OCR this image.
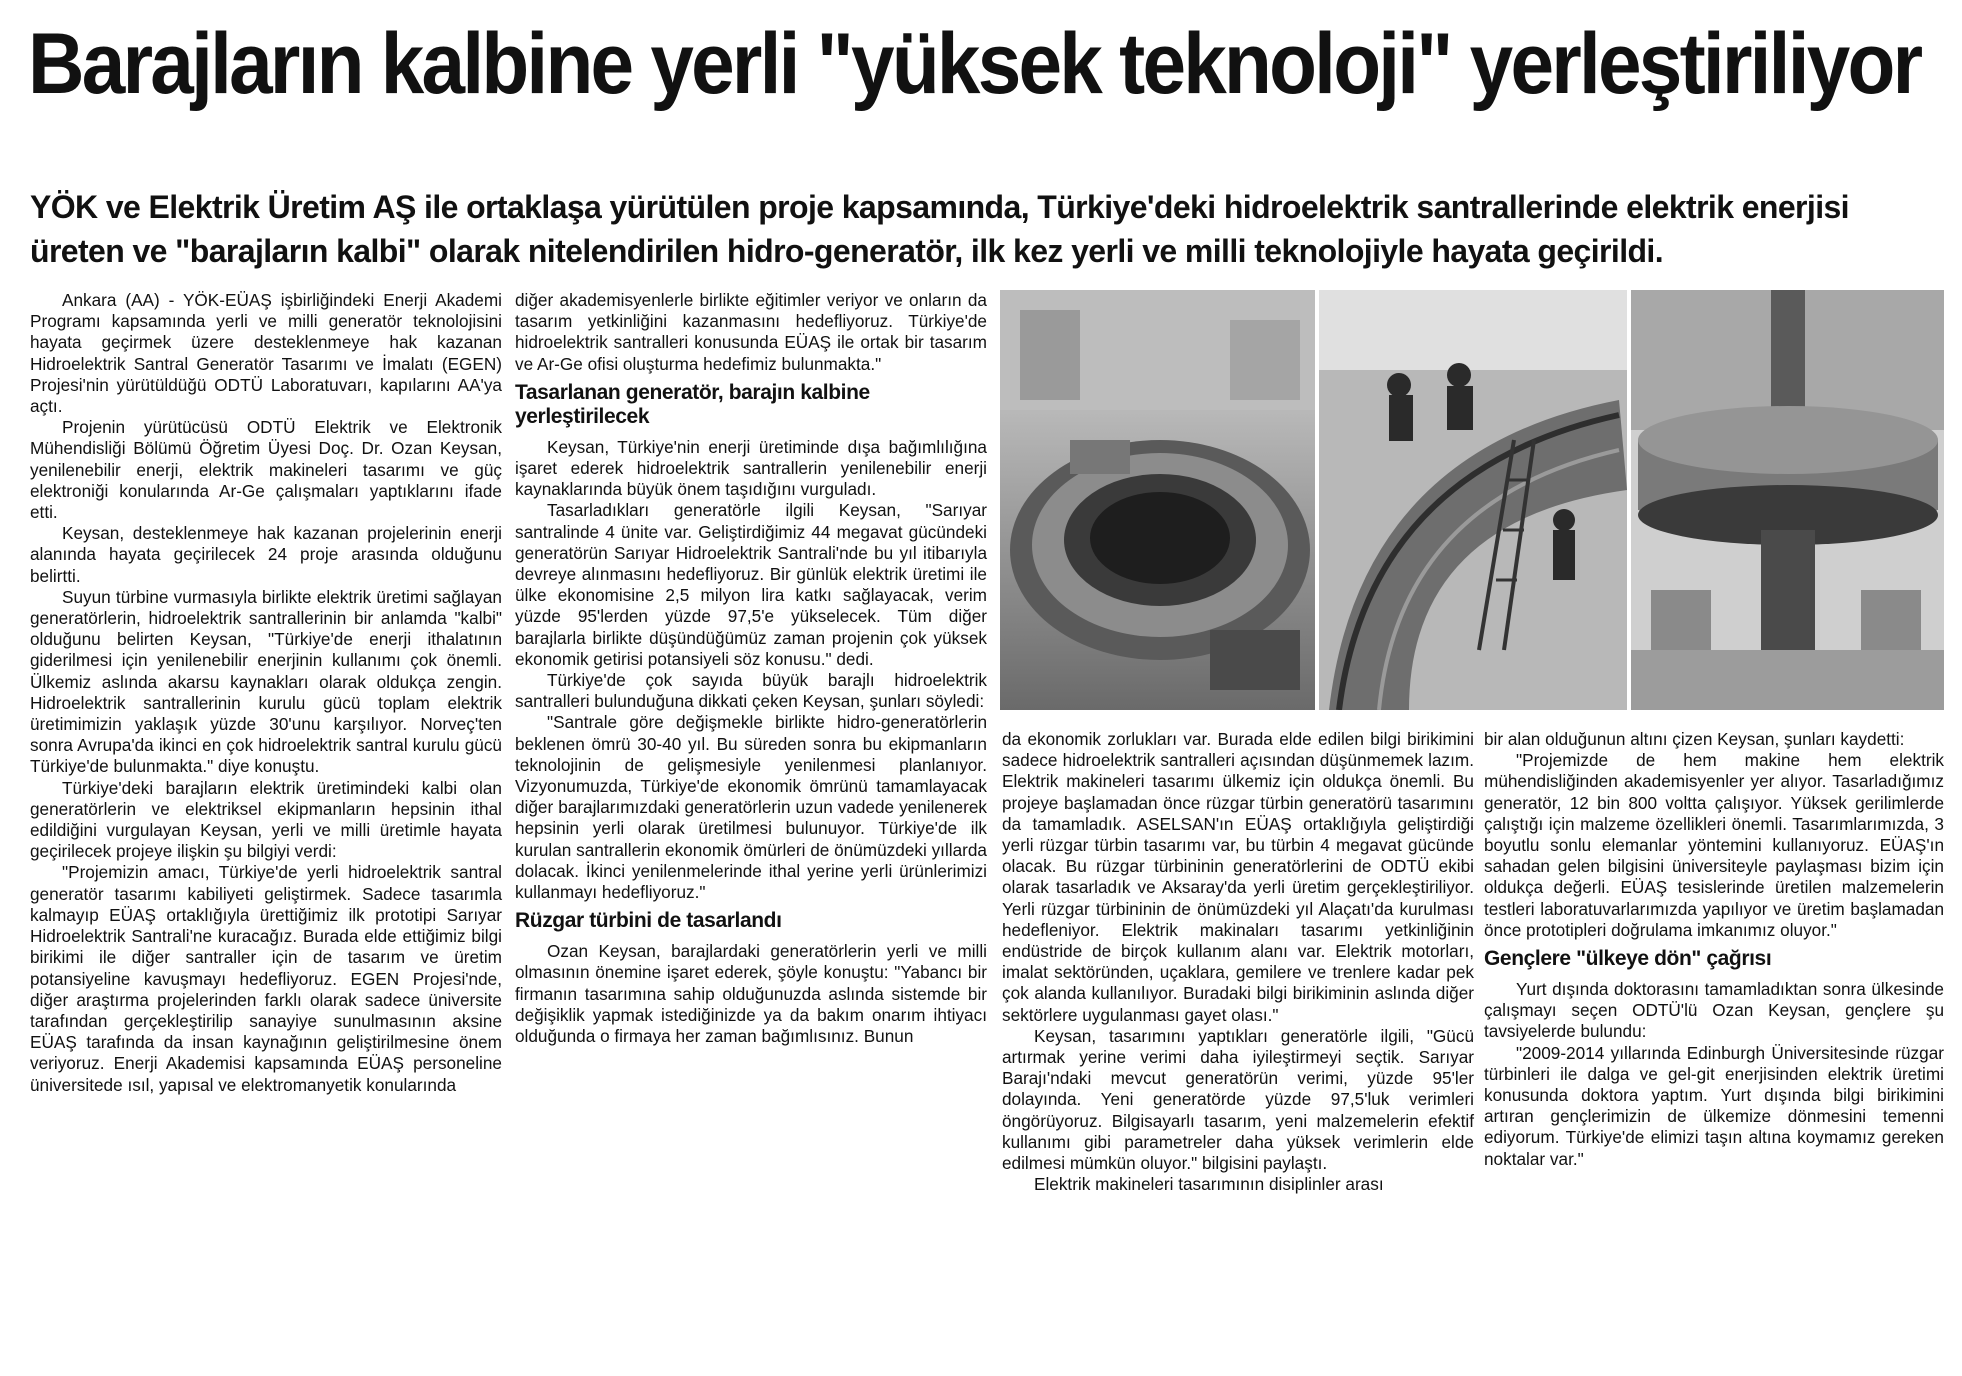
Barajların kalbine yerli "yüksek teknoloji" yerleştiriliyor
YÖK ve Elektrik Üretim AŞ ile ortaklaşa yürütülen proje kapsamında, Türkiye'deki hidroelektrik santrallerinde elektrik enerjisi üreten ve "barajların kalbi" olarak nitelendirilen hidro-generatör, ilk kez yerli ve milli teknolojiyle hayata geçirildi.

Ankara (AA) - YÖK-EÜAŞ işbirliğindeki Enerji Akademi Programı kapsamında yerli ve milli generatör teknolojisini hayata geçirmek üzere desteklenmeye hak kazanan Hidroelektrik Santral Generatör Tasarımı ve İmalatı (EGEN) Projesi'nin yürütüldüğü ODTÜ Laboratuvarı, kapılarını AA'ya açtı.

Projenin yürütücüsü ODTÜ Elektrik ve Elektronik Mühendisliği Bölümü Öğretim Üyesi Doç. Dr. Ozan Keysan, yenilenebilir enerji, elektrik makineleri tasarımı ve güç elektroniği konularında Ar-Ge çalışmaları yaptıklarını ifade etti.

Keysan, desteklenmeye hak kazanan projelerinin enerji alanında hayata geçirilecek 24 proje arasında olduğunu belirtti.

Suyun türbine vurmasıyla birlikte elektrik üretimi sağlayan generatörlerin, hidroelektrik santrallerinin bir anlamda "kalbi" olduğunu belirten Keysan, "Türkiye'de enerji ithalatının giderilmesi için yenilenebilir enerjinin kullanımı çok önemli. Ülkemiz aslında akarsu kaynakları olarak oldukça zengin. Hidroelektrik santrallerinin kurulu gücü toplam elektrik üretimimizin yaklaşık yüzde 30'unu karşılıyor. Norveç'ten sonra Avrupa'da ikinci en çok hidroelektrik santral kurulu gücü Türkiye'de bulunmakta." diye konuştu.

Türkiye'deki barajların elektrik üretimindeki kalbi olan generatörlerin ve elektriksel ekipmanların hepsinin ithal edildiğini vurgulayan Keysan, yerli ve milli üretimle hayata geçirilecek projeye ilişkin şu bilgiyi verdi:

"Projemizin amacı, Türkiye'de yerli hidroelektrik santral generatör tasarımı kabiliyeti geliştirmek. Sadece tasarımla kalmayıp EÜAŞ ortaklığıyla ürettiğimiz ilk prototipi Sarıyar Hidroelektrik Santrali'ne kuracağız. Burada elde ettiğimiz bilgi birikimi ile diğer santraller için de tasarım ve üretim potansiyeline kavuşmayı hedefliyoruz. EGEN Projesi'nde, diğer araştırma projelerinden farklı olarak sadece üniversite tarafından gerçekleştirilip sanayiye sunulmasının aksine EÜAŞ tarafında da insan kaynağının geliştirilmesine önem veriyoruz. Enerji Akademisi kapsamında EÜAŞ personeline üniversitede ısıl, yapısal ve elektromanyetik konularında

diğer akademisyenlerle birlikte eğitimler veriyor ve onların da tasarım yetkinliğini kazanmasını hedefliyoruz. Türkiye'de hidroelektrik santralleri konusunda EÜAŞ ile ortak bir tasarım ve Ar-Ge ofisi oluşturma hedefimiz bulunmakta."

Tasarlanan generatör, barajın kalbine yerleştirilecek

Keysan, Türkiye'nin enerji üretiminde dışa bağımlılığına işaret ederek hidroelektrik santrallerin yenilenebilir enerji kaynaklarında büyük önem taşıdığını vurguladı.

Tasarladıkları generatörle ilgili Keysan, "Sarıyar santralinde 4 ünite var. Geliştirdiğimiz 44 megavat gücündeki generatörün Sarıyar Hidroelektrik Santrali'nde bu yıl itibarıyla devreye alınmasını hedefliyoruz. Bir günlük elektrik üretimi ile ülke ekonomisine 2,5 milyon lira katkı sağlayacak, verim yüzde 95'lerden yüzde 97,5'e yükselecek. Tüm diğer barajlarla birlikte düşündüğümüz zaman projenin çok yüksek ekonomik getirisi potansiyeli söz konusu." dedi.

Türkiye'de çok sayıda büyük barajlı hidroelektrik santralleri bulunduğuna dikkati çeken Keysan, şunları söyledi:

"Santrale göre değişmekle birlikte hidro-generatörlerin beklenen ömrü 30-40 yıl. Bu süreden sonra bu ekipmanların teknolojinin de gelişmesiyle yenilenmesi planlanıyor. Vizyonumuzda, Türkiye'de ekonomik ömrünü tamamlayacak diğer barajlarımızdaki generatörlerin uzun vadede yenilenerek hepsinin yerli olarak üretilmesi bulunuyor. Türkiye'de ilk kurulan santrallerin ekonomik ömürleri de önümüzdeki yıllarda dolacak. İkinci yenilenmelerinde ithal yerine yerli ürünlerimizi kullanmayı hedefliyoruz."

Rüzgar türbini de tasarlandı

Ozan Keysan, barajlardaki generatörlerin yerli ve milli olmasının önemine işaret ederek, şöyle konuştu: "Yabancı bir firmanın tasarımına sahip olduğunuzda aslında sistemde bir değişiklik yapmak istediğinizde ya da bakım onarım ihtiyacı olduğunda o firmaya her zaman bağımlısınız. Bunun

da ekonomik zorlukları var. Burada elde edilen bilgi birikimini sadece hidroelektrik santralleri açısından düşünmemek lazım. Elektrik makineleri tasarımı ülkemiz için oldukça önemli. Bu projeye başlamadan önce rüzgar türbin generatörü tasarımını da tamamladık. ASELSAN'ın EÜAŞ ortaklığıyla geliştirdiği yerli rüzgar türbin tasarımı var, bu türbin 4 megavat gücünde olacak. Bu rüzgar türbininin generatörlerini de ODTÜ ekibi olarak tasarladık ve Aksaray'da yerli üretim gerçekleştiriliyor. Yerli rüzgar türbininin de önümüzdeki yıl Alaçatı'da kurulması hedefleniyor. Elektrik makinaları tasarımı yetkinliğinin endüstride de birçok kullanım alanı var. Elektrik motorları, imalat sektöründen, uçaklara, gemilere ve trenlere kadar pek çok alanda kullanılıyor. Buradaki bilgi birikiminin aslında diğer sektörlere uygulanması gayet olası."

Keysan, tasarımını yaptıkları generatörle ilgili, "Gücü artırmak yerine verimi daha iyileştirmeyi seçtik. Sarıyar Barajı'ndaki mevcut generatörün verimi, yüzde 95'ler dolayında. Yeni generatörde yüzde 97,5'luk verimleri öngörüyoruz. Bilgisayarlı tasarım, yeni malzemelerin efektif kullanımı gibi parametreler daha yüksek verimlerin elde edilmesi mümkün oluyor." bilgisini paylaştı.

Elektrik makineleri tasarımının disiplinler arası

bir alan olduğunun altını çizen Keysan, şunları kaydetti:

"Projemizde de hem makine hem elektrik mühendisliğinden akademisyenler yer alıyor. Tasarladığımız generatör, 12 bin 800 voltta çalışıyor. Yüksek gerilimlerde çalıştığı için malzeme özellikleri önemli. Tasarımlarımızda, 3 boyutlu sonlu elemanlar yöntemini kullanıyoruz. EÜAŞ'ın sahadan gelen bilgisini üniversiteyle paylaşması bizim için oldukça değerli. EÜAŞ tesislerinde üretilen malzemelerin testleri laboratuvarlarımızda yapılıyor ve üretim başlamadan önce prototipleri doğrulama imkanımız oluyor."

Gençlere "ülkeye dön" çağrısı

Yurt dışında doktorasını tamamladıktan sonra ülkesinde çalışmayı seçen ODTÜ'lü Ozan Keysan, gençlere şu tavsiyelerde bulundu:

"2009-2014 yıllarında Edinburgh Üniversitesinde rüzgar türbinleri ile dalga ve gel-git enerjisinden elektrik üretimi konusunda doktora yaptım. Yurt dışında bilgi birikimini artıran gençlerimizin de ülkemize dönmesini temenni ediyorum. Türkiye'de elimizi taşın altına koymamız gereken noktalar var."
